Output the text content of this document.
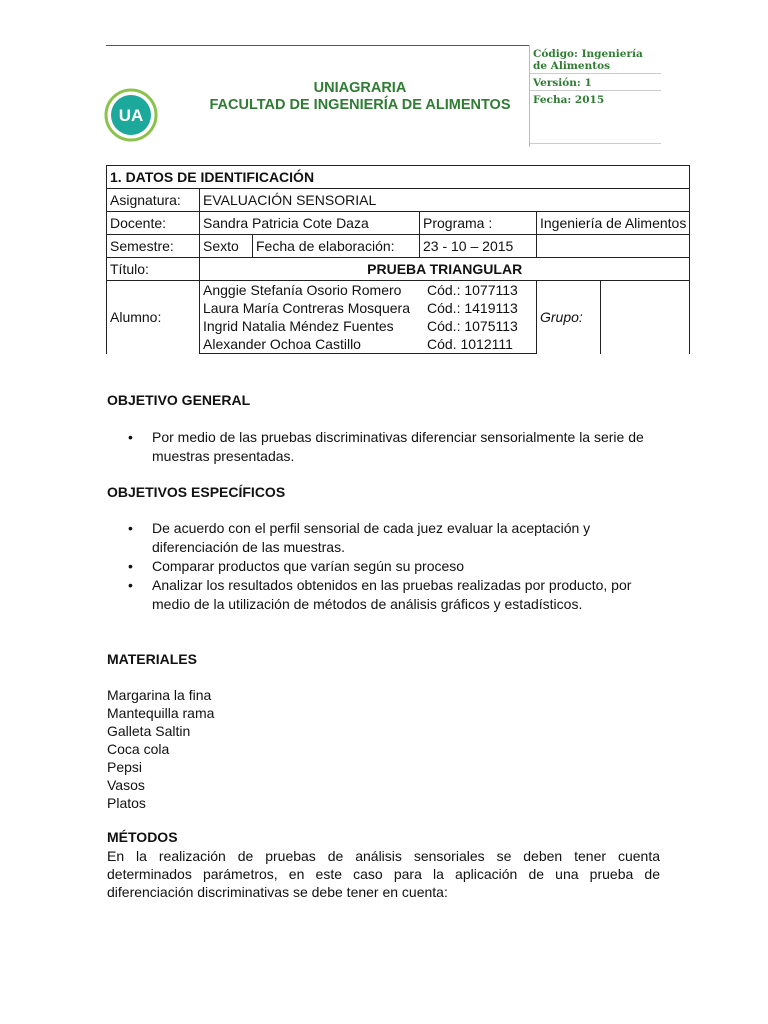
UA
UNIAGRARIA
FACULTAD DE INGENIERÍA DE ALIMENTOS
Código: Ingeniería de Alimentos
Versión: 1
Fecha: 2015
1. DATOS DE IDENTIFICACIÓN					
Asignatura:	EVALUACIÓN SENSORIAL				
Docente:	Sandra Patricia Cote Daza		Programa :	Ingeniería de Alimentos	
Semestre:	Sexto	Fecha de elaboración:	23 - 10 – 2015		
Título:	PRUEBA TRIANGULAR				
Alumno:	Anggie Stefanía Osorio Romero Cód.: 1077113
Laura María Contreras Mosquera Cód.: 1419113
Ingrid Natalia Méndez Fuentes Cód.: 1075113
Alexander Ochoa Castillo Cód. 1012111			Grupo:	
OBJETIVO GENERAL
• Por medio de las pruebas discriminativas diferenciar sensorialmente la serie de muestras presentadas.
OBJETIVOS ESPECÍFICOS
• De acuerdo con el perfil sensorial de cada juez evaluar la aceptación y diferenciación de las muestras.
• Comparar productos que varían según su proceso
• Analizar los resultados obtenidos en las pruebas realizadas por producto, por medio de la utilización de métodos de análisis gráficos y estadísticos.
MATERIALES
Margarina la fina
Mantequilla rama
Galleta Saltin
Coca cola
Pepsi
Vasos
Platos
MÉTODOS
En la realización de pruebas de análisis sensoriales se deben tener cuenta determinados parámetros, en este caso para la aplicación de una prueba de diferenciación discriminativas se debe tener en cuenta:
